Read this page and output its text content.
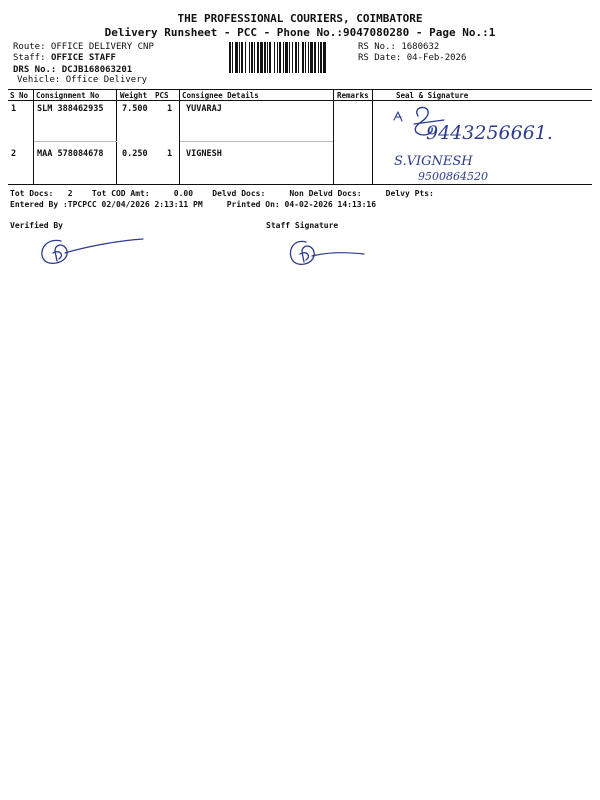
THE PROFESSIONAL COURIERS, COIMBATORE
Delivery Runsheet - PCC - Phone No.:9047080280 - Page No.:1
Route: OFFICE DELIVERY CNP
Staff: OFFICE STAFF
DRS No.: DCJB168063201
Vehicle: Office Delivery
RS No.: 1680632
RS Date: 04-Feb-2026
S No Consignment No	Weight PCS Consignee Details	Remarks	Seal & Signature
1 SLM 388462935 7.500 1 YUVARAJ
2 MAA 578084678 0.250 1 VIGNESH
9443256661.
S.VIGNESH
9500864520
Tot Docs:   2    Tot COD Amt:     0.00    Delvd Docs:     Non Delvd Docs:     Delvy Pts:
Entered By :TPCPCC 02/04/2026 2:13:11 PM     Printed On: 04-02-2026 14:13:16
Verified By	Staff Signature
